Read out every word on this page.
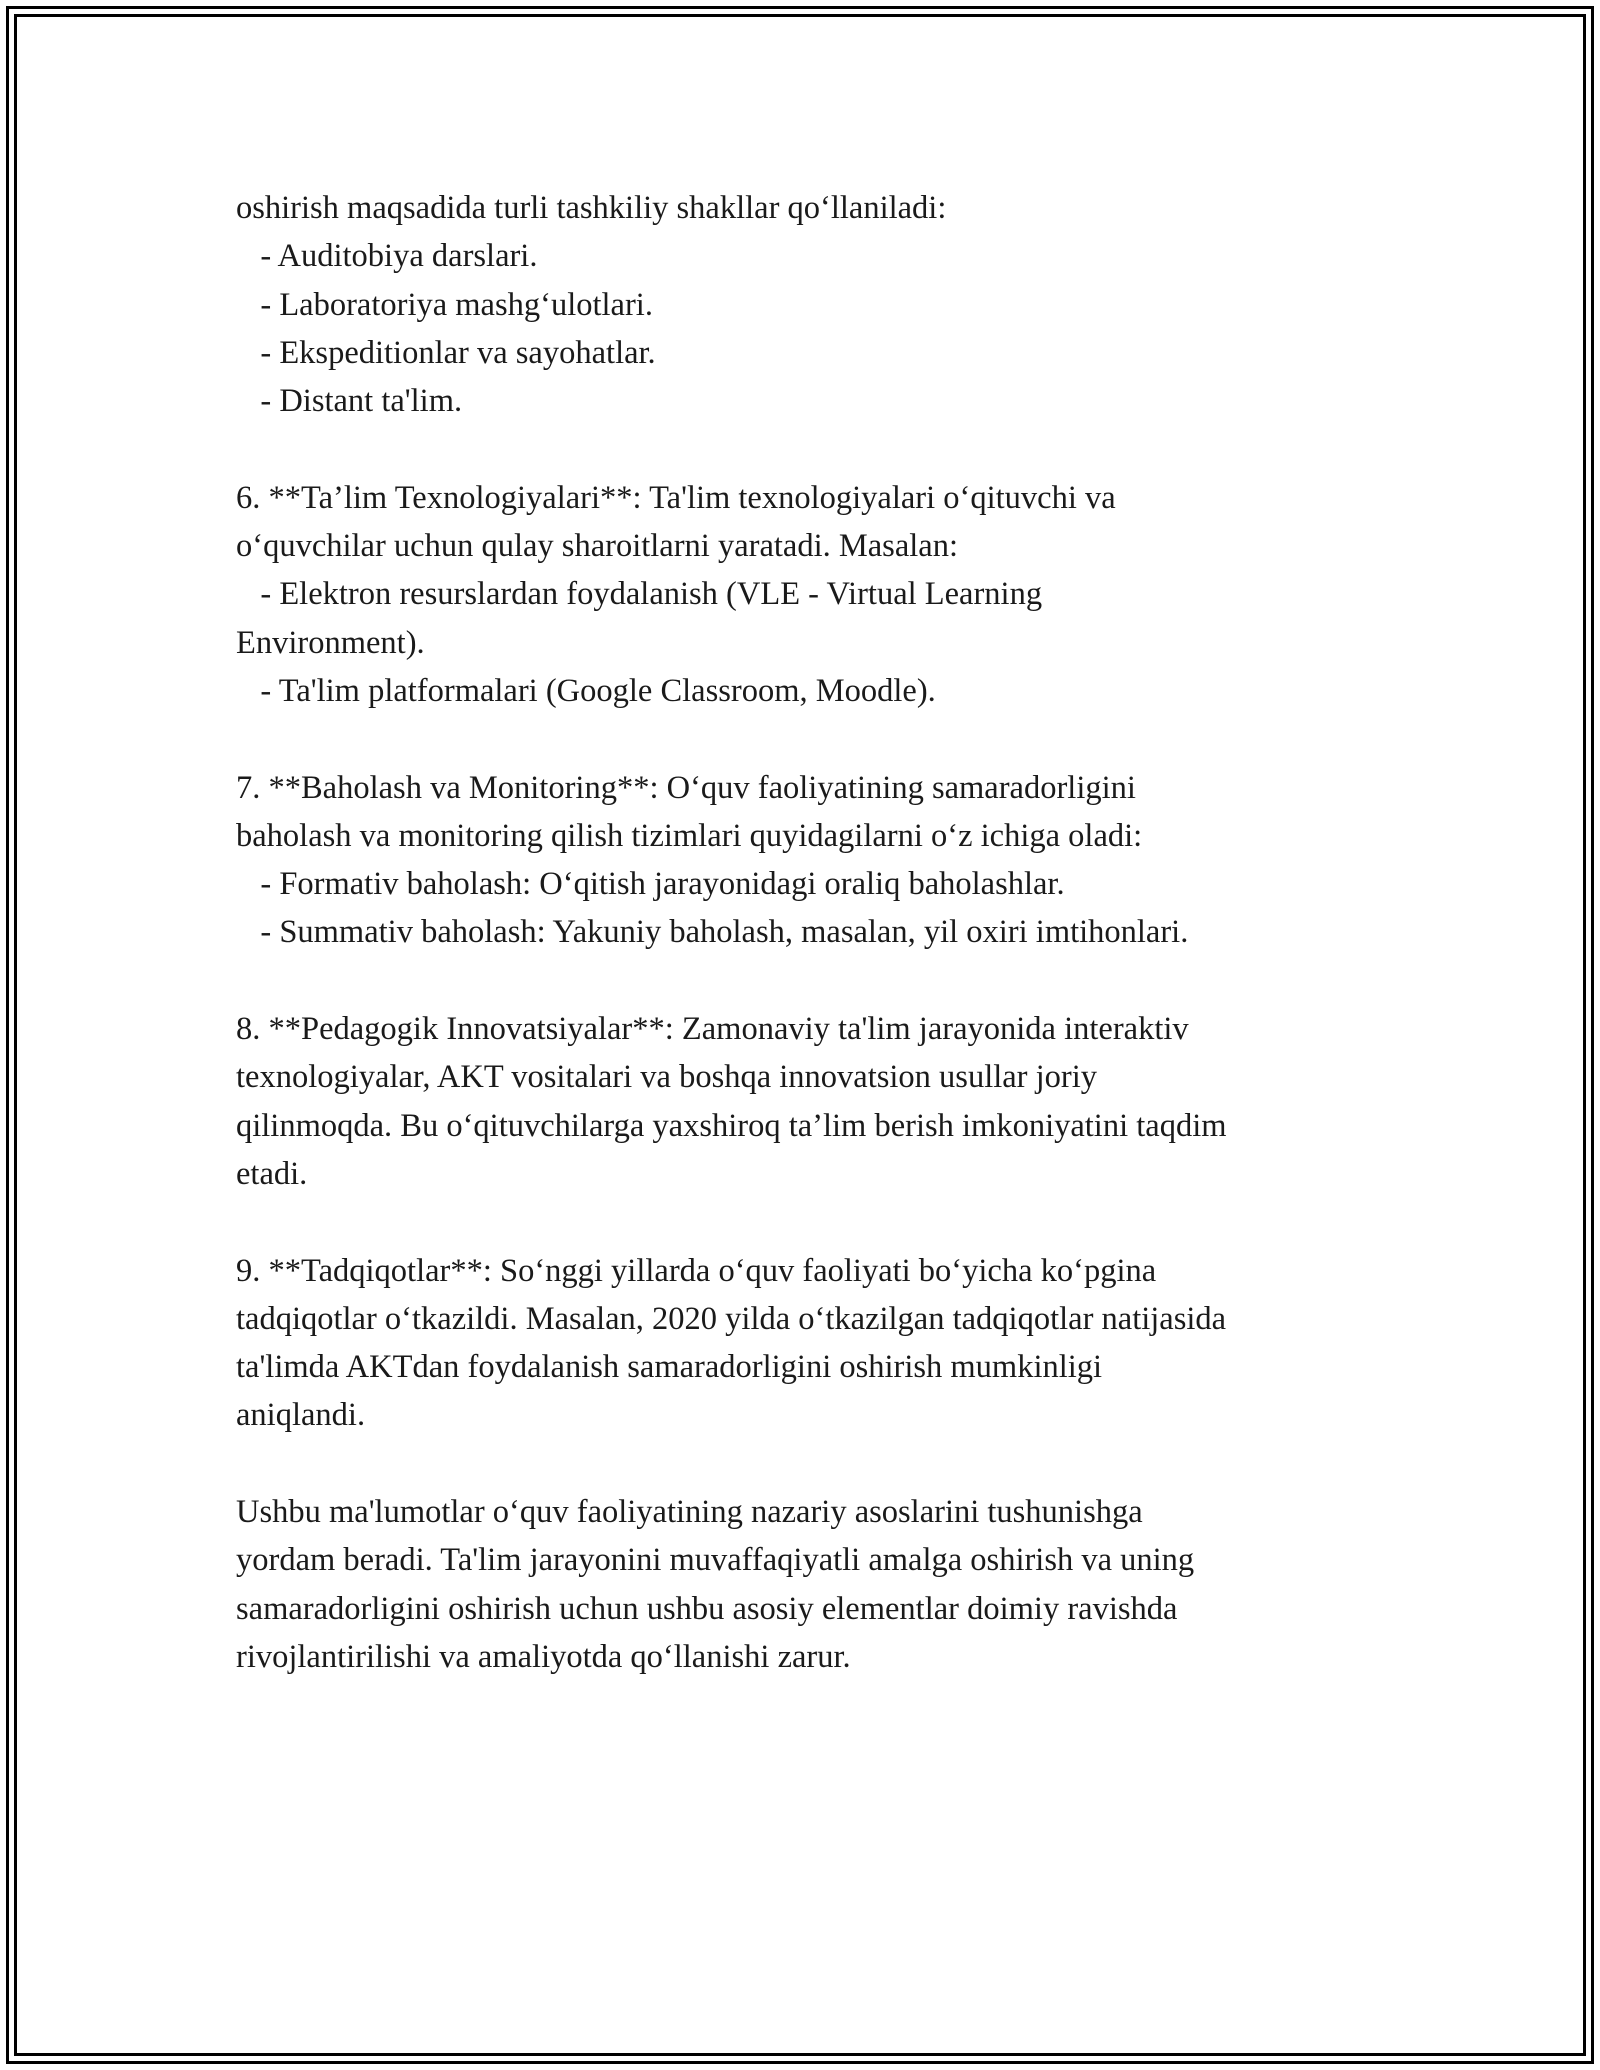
oshirish maqsadida turli tashkiliy shakllar qo‘llaniladi:
- Auditobiya darslari.
- Laboratoriya mashg‘ulotlari.
- Ekspeditionlar va sayohatlar.
- Distant ta'lim.
6. **Ta’lim Texnologiyalari**: Ta'lim texnologiyalari o‘qituvchi va
o‘quvchilar uchun qulay sharoitlarni yaratadi. Masalan:
- Elektron resurslardan foydalanish (VLE - Virtual Learning
Environment).
- Ta'lim platformalari (Google Classroom, Moodle).
7. **Baholash va Monitoring**: O‘quv faoliyatining samaradorligini
baholash va monitoring qilish tizimlari quyidagilarni o‘z ichiga oladi:
- Formativ baholash: O‘qitish jarayonidagi oraliq baholashlar.
- Summativ baholash: Yakuniy baholash, masalan, yil oxiri imtihonlari.
8. **Pedagogik Innovatsiyalar**: Zamonaviy ta'lim jarayonida interaktiv
texnologiyalar, AKT vositalari va boshqa innovatsion usullar joriy
qilinmoqda. Bu o‘qituvchilarga yaxshiroq ta’lim berish imkoniyatini taqdim
etadi.
9. **Tadqiqotlar**: So‘nggi yillarda o‘quv faoliyati bo‘yicha ko‘pgina
tadqiqotlar o‘tkazildi. Masalan, 2020 yilda o‘tkazilgan tadqiqotlar natijasida
ta'limda AKTdan foydalanish samaradorligini oshirish mumkinligi
aniqlandi.
Ushbu ma'lumotlar o‘quv faoliyatining nazariy asoslarini tushunishga
yordam beradi. Ta'lim jarayonini muvaffaqiyatli amalga oshirish va uning
samaradorligini oshirish uchun ushbu asosiy elementlar doimiy ravishda
rivojlantirilishi va amaliyotda qo‘llanishi zarur.
